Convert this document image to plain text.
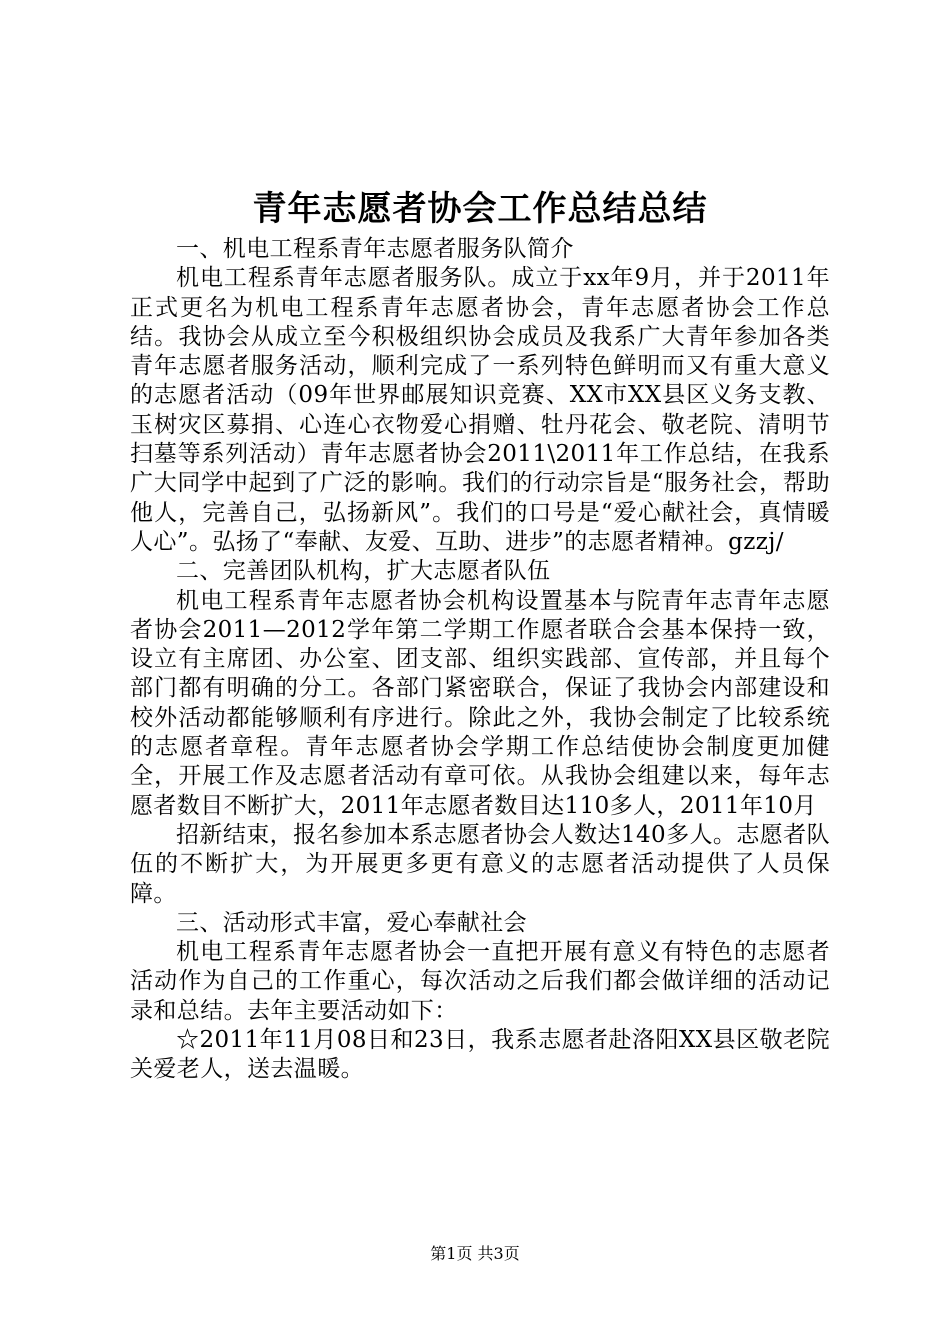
青年志愿者协会工作总结总结
一、机电工程系青年志愿者服务队简介
机电工程系青年志愿者服务队。成立于xx年9月，并于2011年正式更名为机电工程系青年志愿者协会，青年志愿者协会工作总结。我协会从成立至今积极组织协会成员及我系广大青年参加各类青年志愿者服务活动，顺利完成了一系列特色鲜明而又有重大意义的志愿者活动（09年世界邮展知识竞赛、XX市XX县区义务支教、玉树灾区募捐、心连心衣物爱心捐赠、牡丹花会、敬老院、清明节扫墓等系列活动）青年志愿者协会2011\2011年工作总结，在我系广大同学中起到了广泛的影响。我们的行动宗旨是“服务社会，帮助他人，完善自己，弘扬新风”。我们的口号是“爱心献社会，真情暖人心”。弘扬了“奉献、友爱、互助、进步”的志愿者精神。gzzj/
二、完善团队机构，扩大志愿者队伍
机电工程系青年志愿者协会机构设置基本与院青年志青年志愿者协会2011—2012学年第二学期工作愿者联合会基本保持一致，设立有主席团、办公室、团支部、组织实践部、宣传部，并且每个部门都有明确的分工。各部门紧密联合，保证了我协会内部建设和校外活动都能够顺利有序进行。除此之外，我协会制定了比较系统的志愿者章程。青年志愿者协会学期工作总结使协会制度更加健全，开展工作及志愿者活动有章可依。从我协会组建以来，每年志愿者数目不断扩大，2011年志愿者数目达110多人，2011年10月
招新结束，报名参加本系志愿者协会人数达140多人。志愿者队伍的不断扩大，为开展更多更有意义的志愿者活动提供了人员保障。
三、活动形式丰富，爱心奉献社会
机电工程系青年志愿者协会一直把开展有意义有特色的志愿者活动作为自己的工作重心，每次活动之后我们都会做详细的活动记录和总结。去年主要活动如下：
☆2011年11月08日和23日，我系志愿者赴洛阳XX县区敬老院关爱老人，送去温暖。
第1页 共3页
